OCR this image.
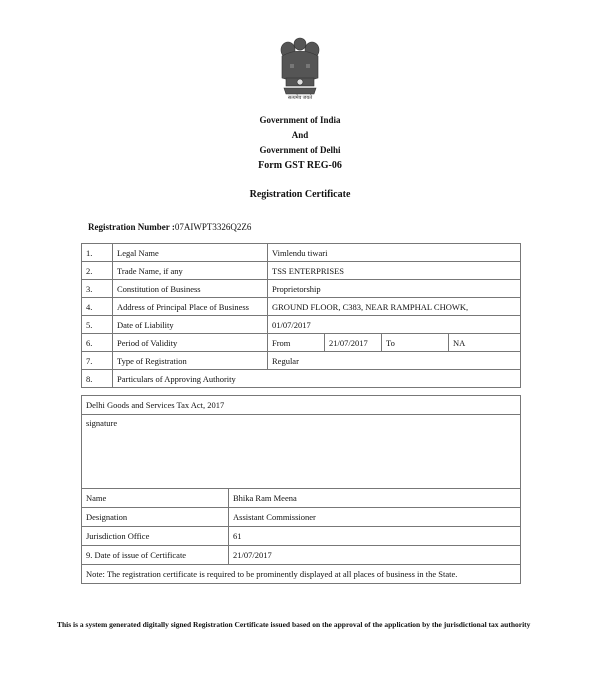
सत्यमेव जयते
Government of India
And
Government of Delhi
Form GST REG-06
Registration Certificate
Registration Number :07AIWPT3326Q2Z6
1.	Legal Name	Vimlendu tiwari			
2.	Trade Name, if any	TSS ENTERPRISES			
3.	Constitution of Business	Proprietorship			
4.	Address of Principal Place of Business	GROUND FLOOR, C383, NEAR RAMPHAL CHOWK,			
5.	Date of Liability	01/07/2017			
6.	Period of Validity	From	21/07/2017	To	NA
7.	Type of Registration	Regular			
8.	Particulars of Approving Authority				
Delhi Goods and Services Tax Act, 2017	
signature	
Name	Bhika Ram Meena
Designation	Assistant Commissioner
Jurisdiction Office	61
9. Date of issue of Certificate	21/07/2017
Note: The registration certificate is required to be prominently displayed at all places of business in the State.	
This is a system generated digitally signed Registration Certificate issued based on the approval of the application by the jurisdictional tax authority
